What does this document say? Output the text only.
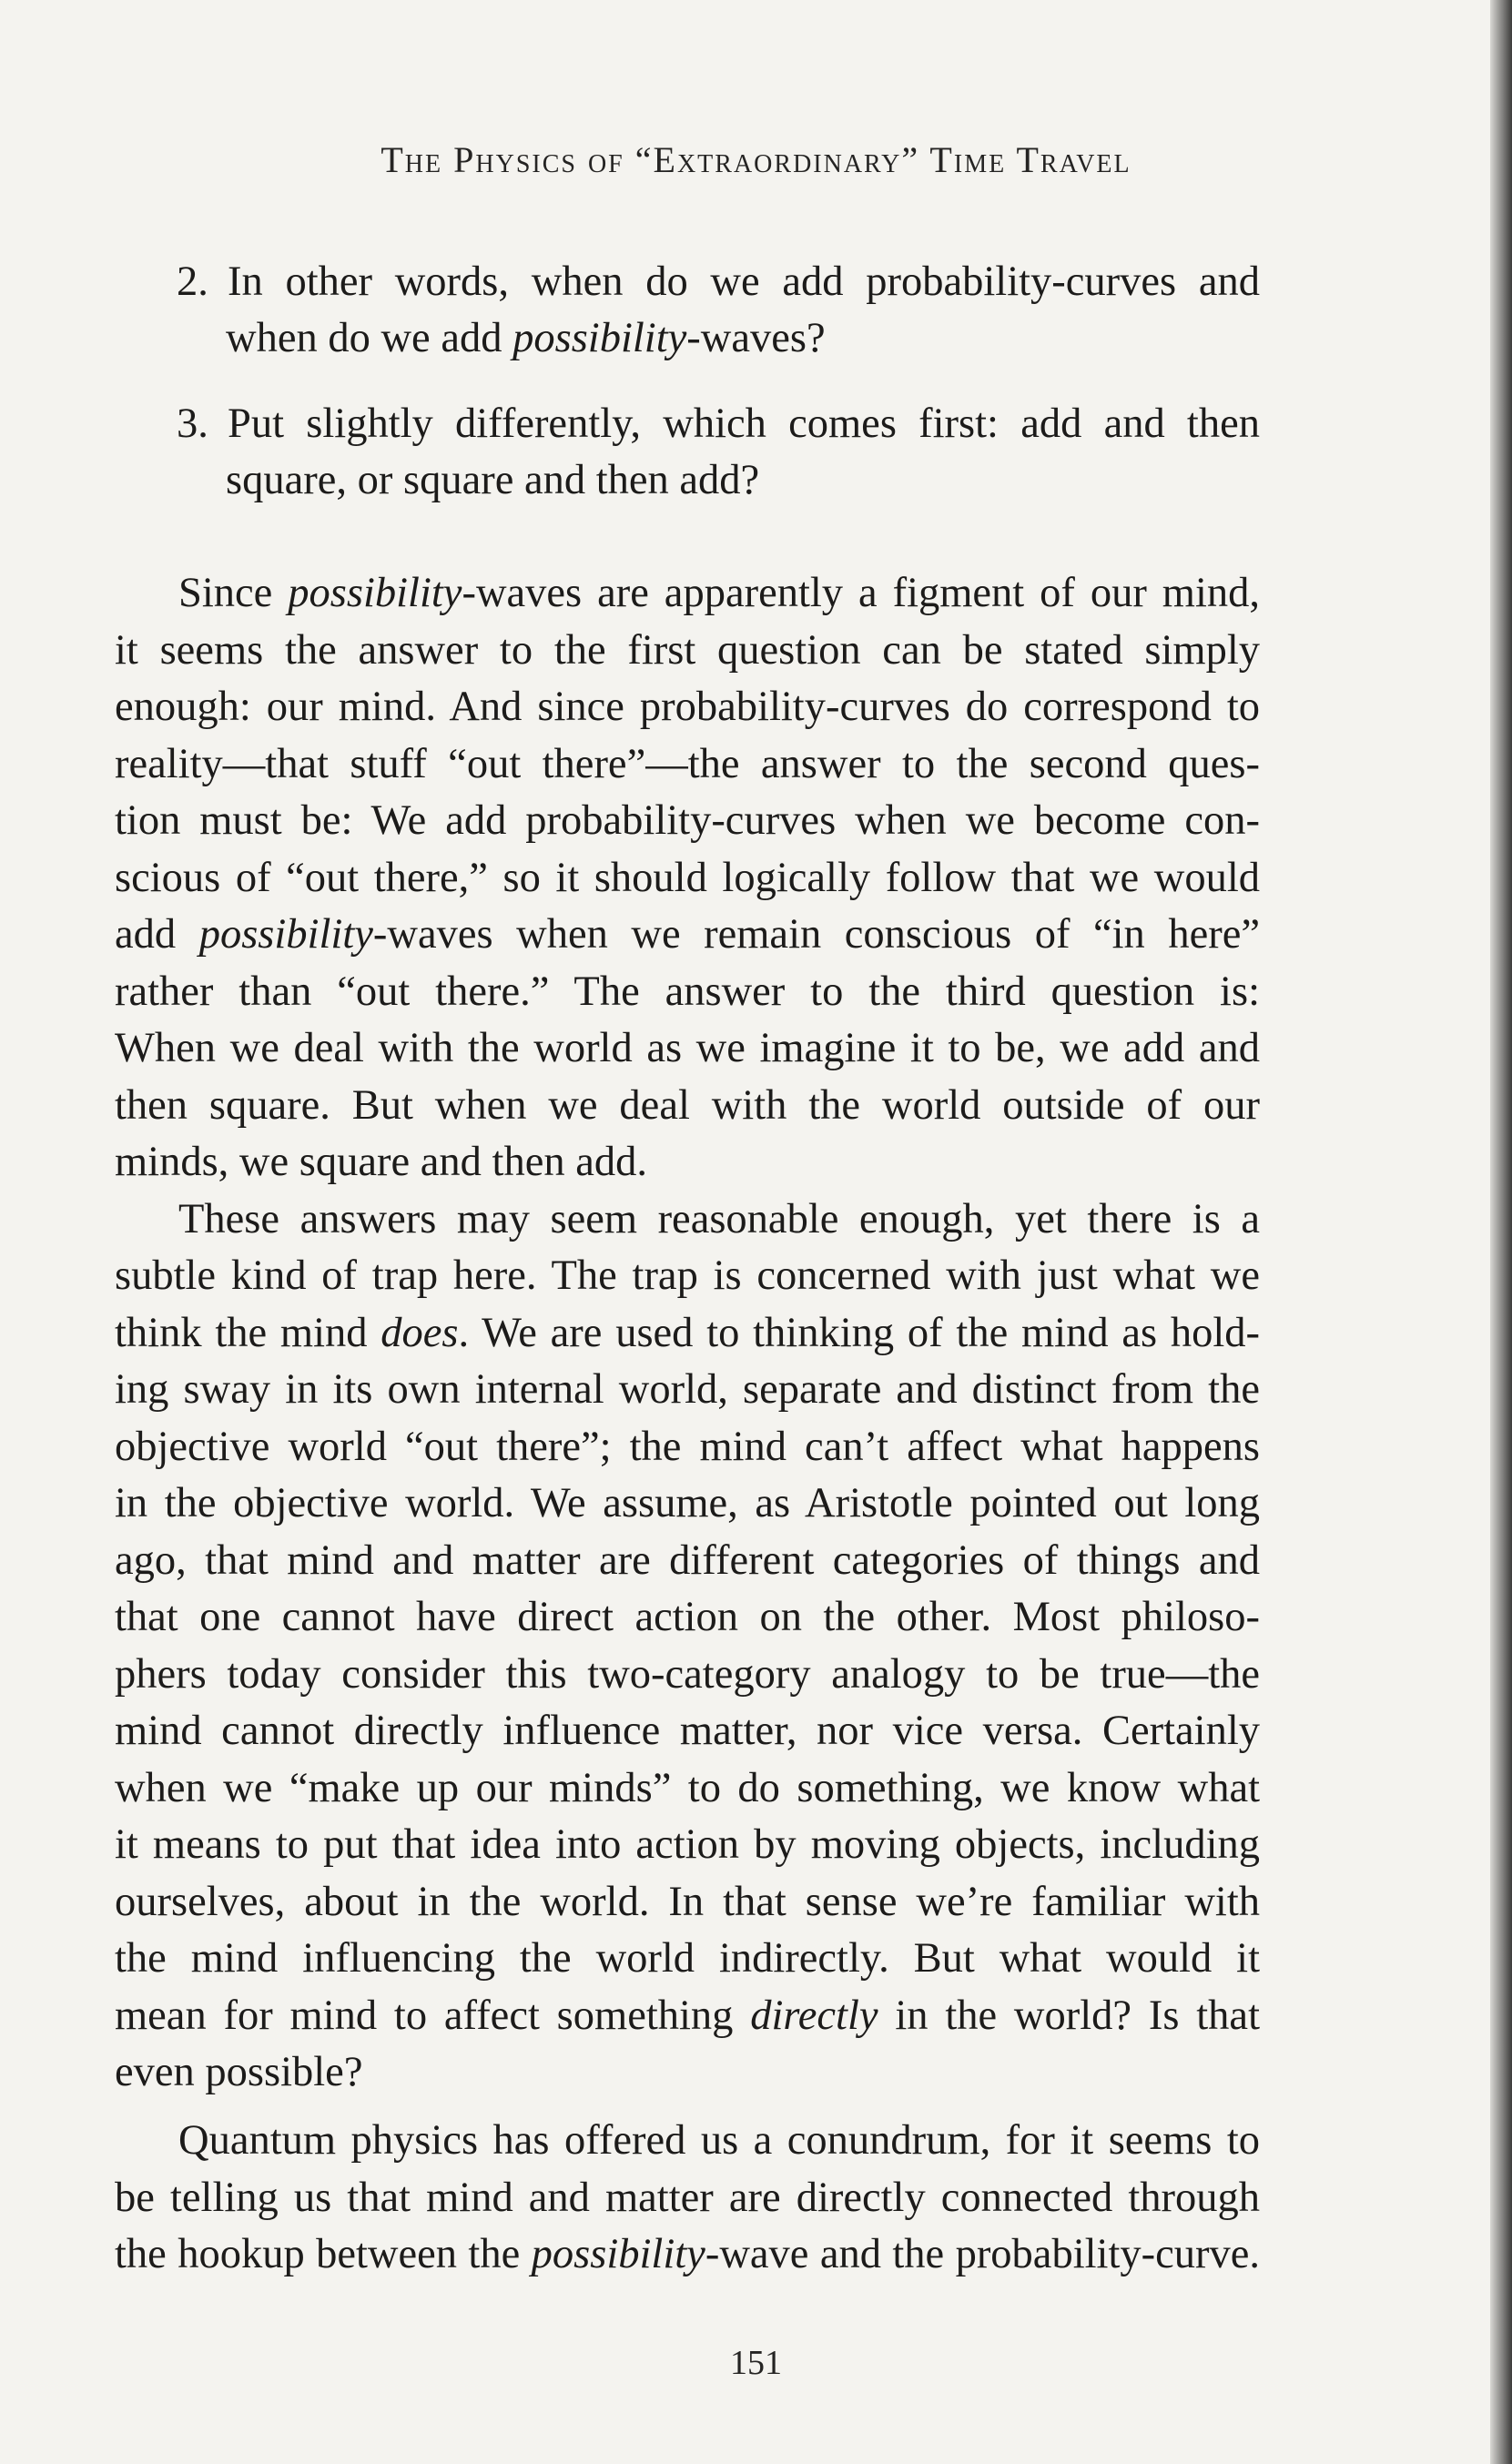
The Physics of “Extraordinary” Time Travel
2. In other words, when do we add probability-curves and
when do we add possibility-waves?
3. Put slightly differently, which comes first: add and then
square, or square and then add?
Since possibility-waves are apparently a figment of our mind,
it seems the answer to the first question can be stated simply
enough: our mind. And since probability-curves do correspond to
reality—that stuff “out there”—the answer to the second ques-
tion must be: We add probability-curves when we become con-
scious of “out there,” so it should logically follow that we would
add possibility-waves when we remain conscious of “in here”
rather than “out there.” The answer to the third question is:
When we deal with the world as we imagine it to be, we add and
then square. But when we deal with the world outside of our
minds, we square and then add.
These answers may seem reasonable enough, yet there is a
subtle kind of trap here. The trap is concerned with just what we
think the mind does. We are used to thinking of the mind as hold-
ing sway in its own internal world, separate and distinct from the
objective world “out there”; the mind can’t affect what happens
in the objective world. We assume, as Aristotle pointed out long
ago, that mind and matter are different categories of things and
that one cannot have direct action on the other. Most philoso-
phers today consider this two-category analogy to be true—the
mind cannot directly influence matter, nor vice versa. Certainly
when we “make up our minds” to do something, we know what
it means to put that idea into action by moving objects, including
ourselves, about in the world. In that sense we’re familiar with
the mind influencing the world indirectly. But what would it
mean for mind to affect something directly in the world? Is that
even possible?
Quantum physics has offered us a conundrum, for it seems to
be telling us that mind and matter are directly connected through
the hookup between the possibility-wave and the probability-curve.
151
